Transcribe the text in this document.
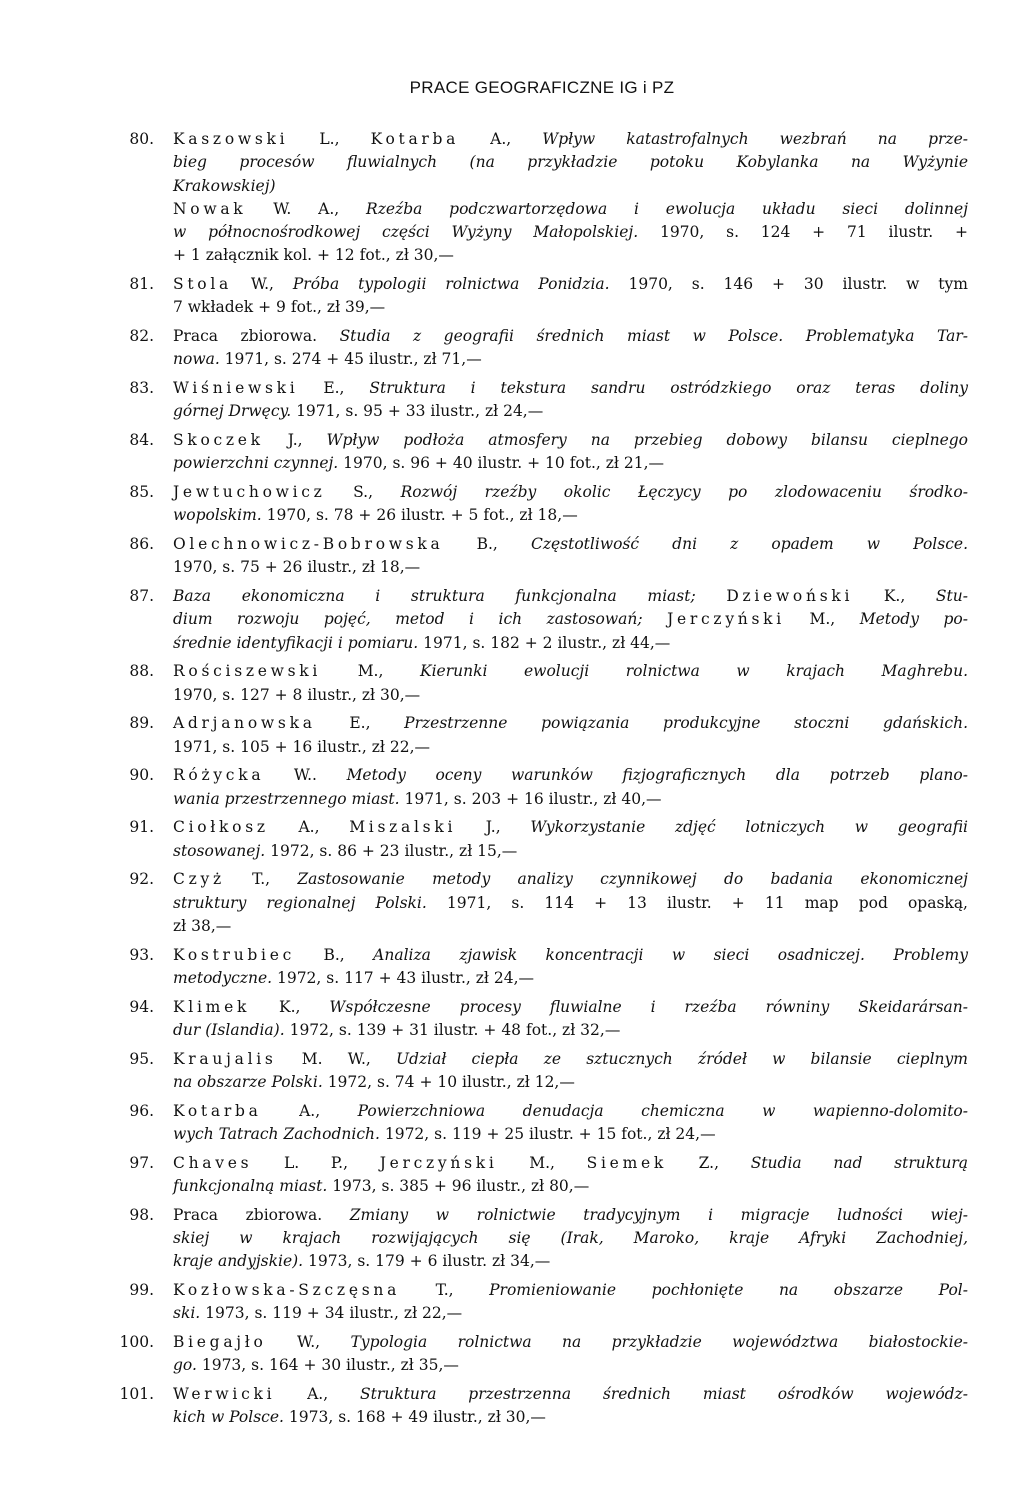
PRACE GEOGRAFICZNE IG i PZ
80. Kaszowski L., Kotarba A., Wpływ katastrofalnych wezbrań na prze-
bieg procesów fluwialnych (na przykładzie potoku Kobylanka na Wyżynie
Krakowskiej)
Nowak W. A., Rzeźba podczwartorzędowa i ewolucja układu sieci dolinnej
w północnośrodkowej części Wyżyny Małopolskiej. 1970, s. 124 + 71 ilustr. +
+ 1 załącznik kol. + 12 fot., zł 30,—
81. Stola W., Próba typologii rolnictwa Ponidzia. 1970, s. 146 + 30 ilustr. w tym
7 wkładek + 9 fot., zł 39,—
82. Praca zbiorowa. Studia z geografii średnich miast w Polsce. Problematyka Tar-
nowa. 1971, s. 274 + 45 ilustr., zł 71,—
83. Wiśniewski E., Struktura i tekstura sandru ostródzkiego oraz teras doliny
górnej Drwęcy. 1971, s. 95 + 33 ilustr., zł 24,—
84. Skoczek J., Wpływ podłoża atmosfery na przebieg dobowy bilansu cieplnego
powierzchni czynnej. 1970, s. 96 + 40 ilustr. + 10 fot., zł 21,—
85. Jewtuchowicz S., Rozwój rzeźby okolic Łęczycy po zlodowaceniu środko-
wopolskim. 1970, s. 78 + 26 ilustr. + 5 fot., zł 18,—
86. Olechnowicz-Bobrowska B., Częstotliwość dni z opadem w Polsce.
1970, s. 75 + 26 ilustr., zł 18,—
87. Baza ekonomiczna i struktura funkcjonalna miast; Dziewoński K., Stu-
dium rozwoju pojęć, metod i ich zastosowań; Jerczyński M., Metody po-
średnie identyfikacji i pomiaru. 1971, s. 182 + 2 ilustr., zł 44,—
88. Rościszewski M., Kierunki ewolucji rolnictwa w krajach Maghrebu.
1970, s. 127 + 8 ilustr., zł 30,—
89. Adrjanowska E., Przestrzenne powiązania produkcyjne stoczni gdańskich.
1971, s. 105 + 16 ilustr., zł 22,—
90. Różycka W.. Metody oceny warunków fizjograficznych dla potrzeb plano-
wania przestrzennego miast. 1971, s. 203 + 16 ilustr., zł 40,—
91. Ciołkosz A., Miszalski J., Wykorzystanie zdjęć lotniczych w geografii
stosowanej. 1972, s. 86 + 23 ilustr., zł 15,—
92. Czyż T., Zastosowanie metody analizy czynnikowej do badania ekonomicznej
struktury regionalnej Polski. 1971, s. 114 + 13 ilustr. + 11 map pod opaską,
zł 38,—
93. Kostrubiec B., Analiza zjawisk koncentracji w sieci osadniczej. Problemy
metodyczne. 1972, s. 117 + 43 ilustr., zł 24,—
94. Klimek K., Współczesne procesy fluwialne i rzeźba równiny Skeidarársan-
dur (Islandia). 1972, s. 139 + 31 ilustr. + 48 fot., zł 32,—
95. Kraujalis M. W., Udział ciepła ze sztucznych źródeł w bilansie cieplnym
na obszarze Polski. 1972, s. 74 + 10 ilustr., zł 12,—
96. Kotarba A., Powierzchniowa denudacja chemiczna w wapienno-dolomito-
wych Tatrach Zachodnich. 1972, s. 119 + 25 ilustr. + 15 fot., zł 24,—
97. Chaves L. P., Jerczyński M., Siemek Z., Studia nad strukturą
funkcjonalną miast. 1973, s. 385 + 96 ilustr., zł 80,—
98. Praca zbiorowa. Zmiany w rolnictwie tradycyjnym i migracje ludności wiej-
skiej w krajach rozwijających się (Irak, Maroko, kraje Afryki Zachodniej,
kraje andyjskie). 1973, s. 179 + 6 ilustr. zł 34,—
99. Kozłowska-Szczęsna T., Promieniowanie pochłonięte na obszarze Pol-
ski. 1973, s. 119 + 34 ilustr., zł 22,—
100. Biegajło W., Typologia rolnictwa na przykładzie województwa białostockie-
go. 1973, s. 164 + 30 ilustr., zł 35,—
101. Werwicki A., Struktura przestrzenna średnich miast ośrodków wojewódz-
kich w Polsce. 1973, s. 168 + 49 ilustr., zł 30,—
